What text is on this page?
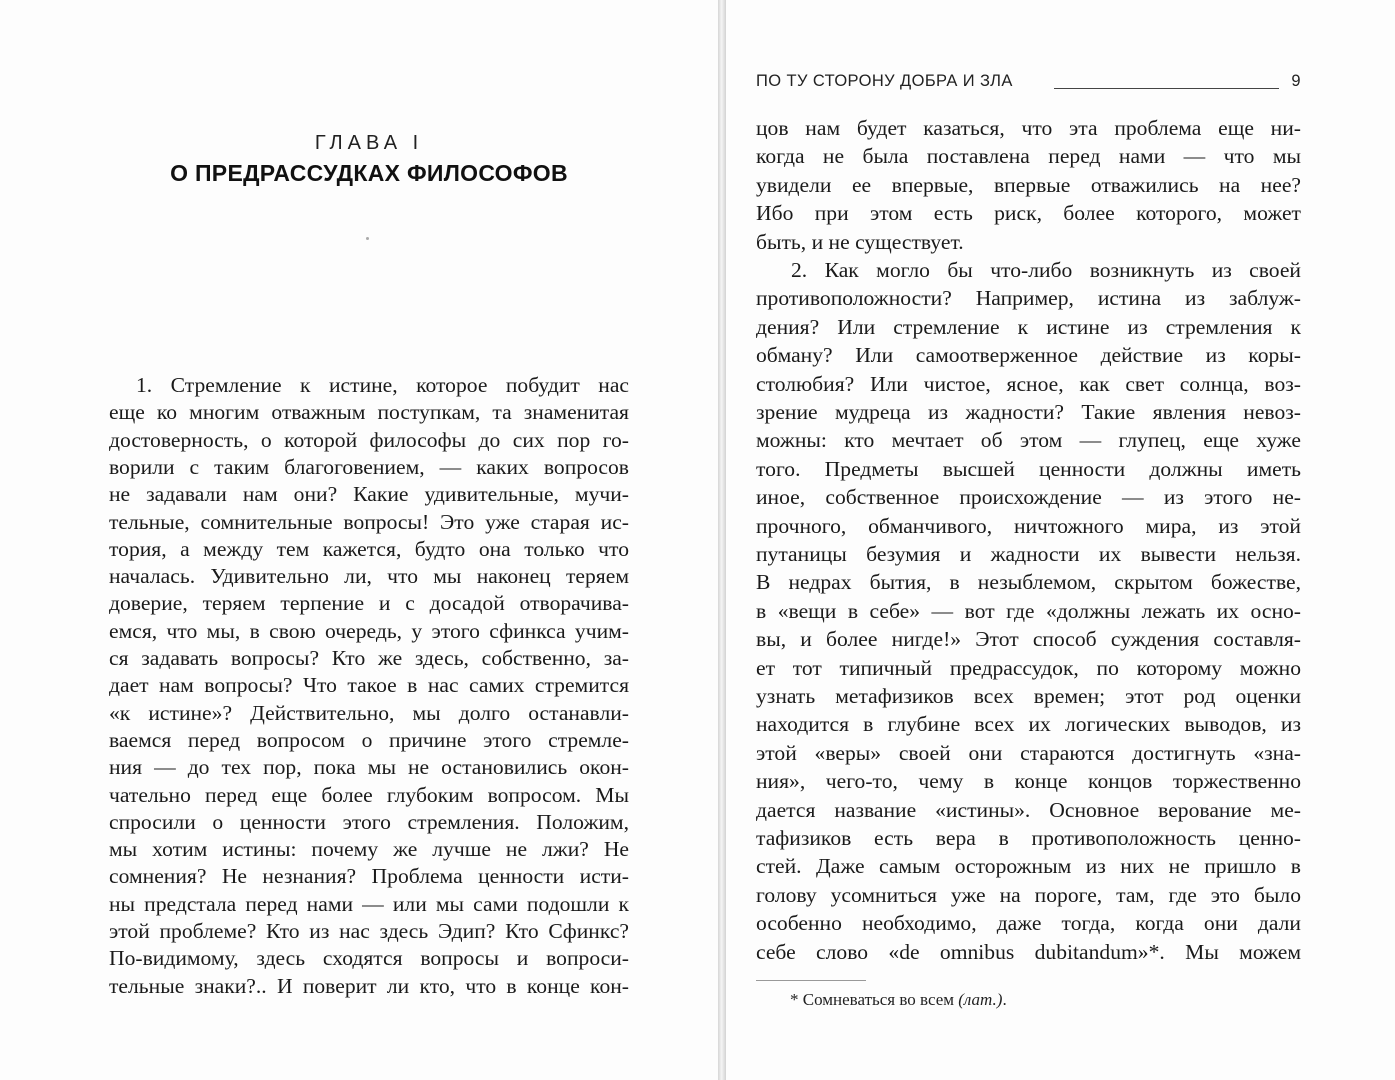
ГЛАВА I
О ПРЕДРАССУДКАХ ФИЛОСОФОВ
1. Стремление к истине, которое побудит нас
еще ко многим отважным поступкам, та знаменитая
достоверность, о которой философы до сих пор го-
ворили с таким благоговением, — каких вопросов
не задавали нам они? Какие удивительные, мучи-
тельные, сомнительные вопросы! Это уже старая ис-
тория, а между тем кажется, будто она только что
началась. Удивительно ли, что мы наконец теряем
доверие, теряем терпение и с досадой отворачива-
емся, что мы, в свою очередь, у этого сфинкса учим-
ся задавать вопросы? Кто же здесь, собственно, за-
дает нам вопросы? Что такое в нас самих стремится
«к истине»? Действительно, мы долго останавли-
ваемся перед вопросом о причине этого стремле-
ния — до тех пор, пока мы не остановились окон-
чательно перед еще более глубоким вопросом. Мы
спросили о ценности этого стремления. Положим,
мы хотим истины: почему же лучше не лжи? Не
сомнения? Не незнания? Проблема ценности исти-
ны предстала перед нами — или мы сами подошли к
этой проблеме? Кто из нас здесь Эдип? Кто Сфинкс?
По-видимому, здесь сходятся вопросы и вопроси-
тельные знаки?.. И поверит ли кто, что в конце кон-
ПО ТУ СТОРОНУ ДОБРА И ЗЛА	9
цов нам будет казаться, что эта проблема еще ни-
когда не была поставлена перед нами — что мы
увидели ее впервые, впервые отважились на нее?
Ибо при этом есть риск, более которого, может
быть, и не существует.
2. Как могло бы что-либо возникнуть из своей
противоположности? Например, истина из заблуж-
дения? Или стремление к истине из стремления к
обману? Или самоотверженное действие из коры-
столюбия? Или чистое, ясное, как свет солнца, воз-
зрение мудреца из жадности? Такие явления невоз-
можны: кто мечтает об этом — глупец, еще хуже
того. Предметы высшей ценности должны иметь
иное, собственное происхождение — из этого не-
прочного, обманчивого, ничтожного мира, из этой
путаницы безумия и жадности их вывести нельзя.
В недрах бытия, в незыблемом, скрытом божестве,
в «вещи в себе» — вот где «должны лежать их осно-
вы, и более нигде!» Этот способ суждения составля-
ет тот типичный предрассудок, по которому можно
узнать метафизиков всех времен; этот род оценки
находится в глубине всех их логических выводов, из
этой «веры» своей они стараются достигнуть «зна-
ния», чего-то, чему в конце концов торжественно
дается название «истины». Основное верование ме-
тафизиков есть вера в противоположность ценно-
стей. Даже самым осторожным из них не пришло в
голову усомниться уже на пороге, там, где это было
особенно необходимо, даже тогда, когда они дали
себе слово «de omnibus dubitandum»*. Мы можем
* Сомневаться во всем (лат.).
